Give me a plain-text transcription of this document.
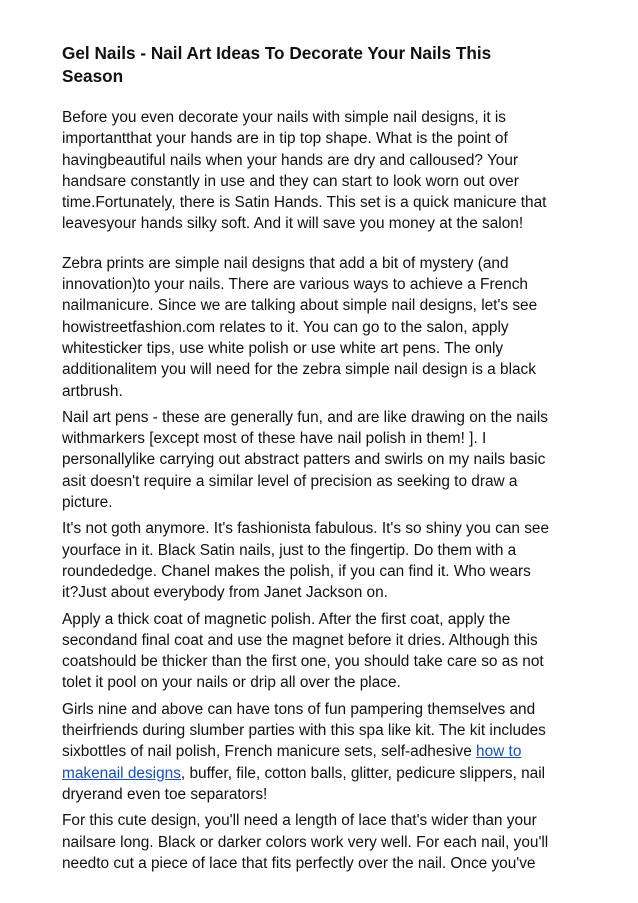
Gel Nails - Nail Art Ideas To Decorate Your Nails This
Season

Before you even decorate your nails with simple nail designs, it is
importantthat your hands are in tip top shape. What is the point of
havingbeautiful nails when your hands are dry and calloused? Your
handsare constantly in use and they can start to look worn out over
time.Fortunately, there is Satin Hands. This set is a quick manicure that
leavesyour hands silky soft. And it will save you money at the salon!

Zebra prints are simple nail designs that add a bit of mystery (and
innovation)to your nails. There are various ways to achieve a French
nailmanicure. Since we are talking about simple nail designs, let's see
howistreetfashion.com relates to it. You can go to the salon, apply
whitesticker tips, use white polish or use white art pens. The only
additionalitem you will need for the zebra simple nail design is a black
artbrush.

Nail art pens - these are generally fun, and are like drawing on the nails
withmarkers [except most of these have nail polish in them! ]. I
personallylike carrying out abstract patters and swirls on my nails basic
asit doesn't require a similar level of precision as seeking to draw a
picture.

It's not goth anymore. It's fashionista fabulous. It's so shiny you can see
yourface in it. Black Satin nails, just to the fingertip. Do them with a
roundededge. Chanel makes the polish, if you can find it. Who wears
it?Just about everybody from Janet Jackson on.

Apply a thick coat of magnetic polish. After the first coat, apply the
secondand final coat and use the magnet before it dries. Although this
coatshould be thicker than the first one, you should take care so as not
tolet it pool on your nails or drip all over the place.

Girls nine and above can have tons of fun pampering themselves and
theirfriends during slumber parties with this spa like kit. The kit includes
sixbottles of nail polish, French manicure sets, self-adhesive how to
makenail designs, buffer, file, cotton balls, glitter, pedicure slippers, nail
dryerand even toe separators!

For this cute design, you'll need a length of lace that's wider than your
nailsare long. Black or darker colors work very well. For each nail, you'll
needto cut a piece of lace that fits perfectly over the nail. Once you've
